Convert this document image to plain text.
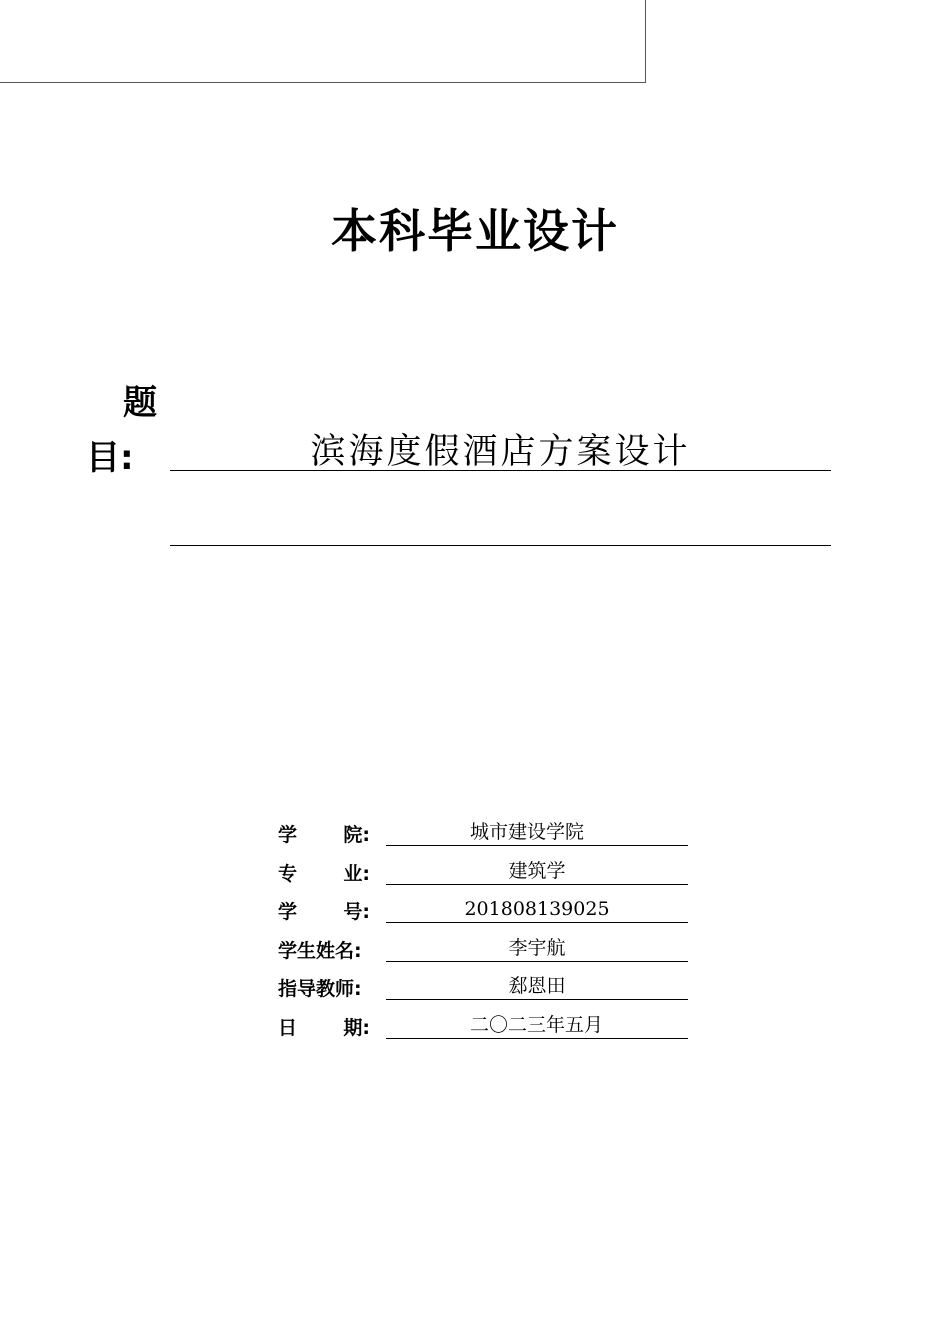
本科毕业设计
题
目:	滨海度假酒店方案设计
学 院:	城市建设学院
专 业:	建筑学
学 号:	201808139025
学生姓名:	李宇航
指导教师:	郄恩田
日 期:	二〇二三年五月
